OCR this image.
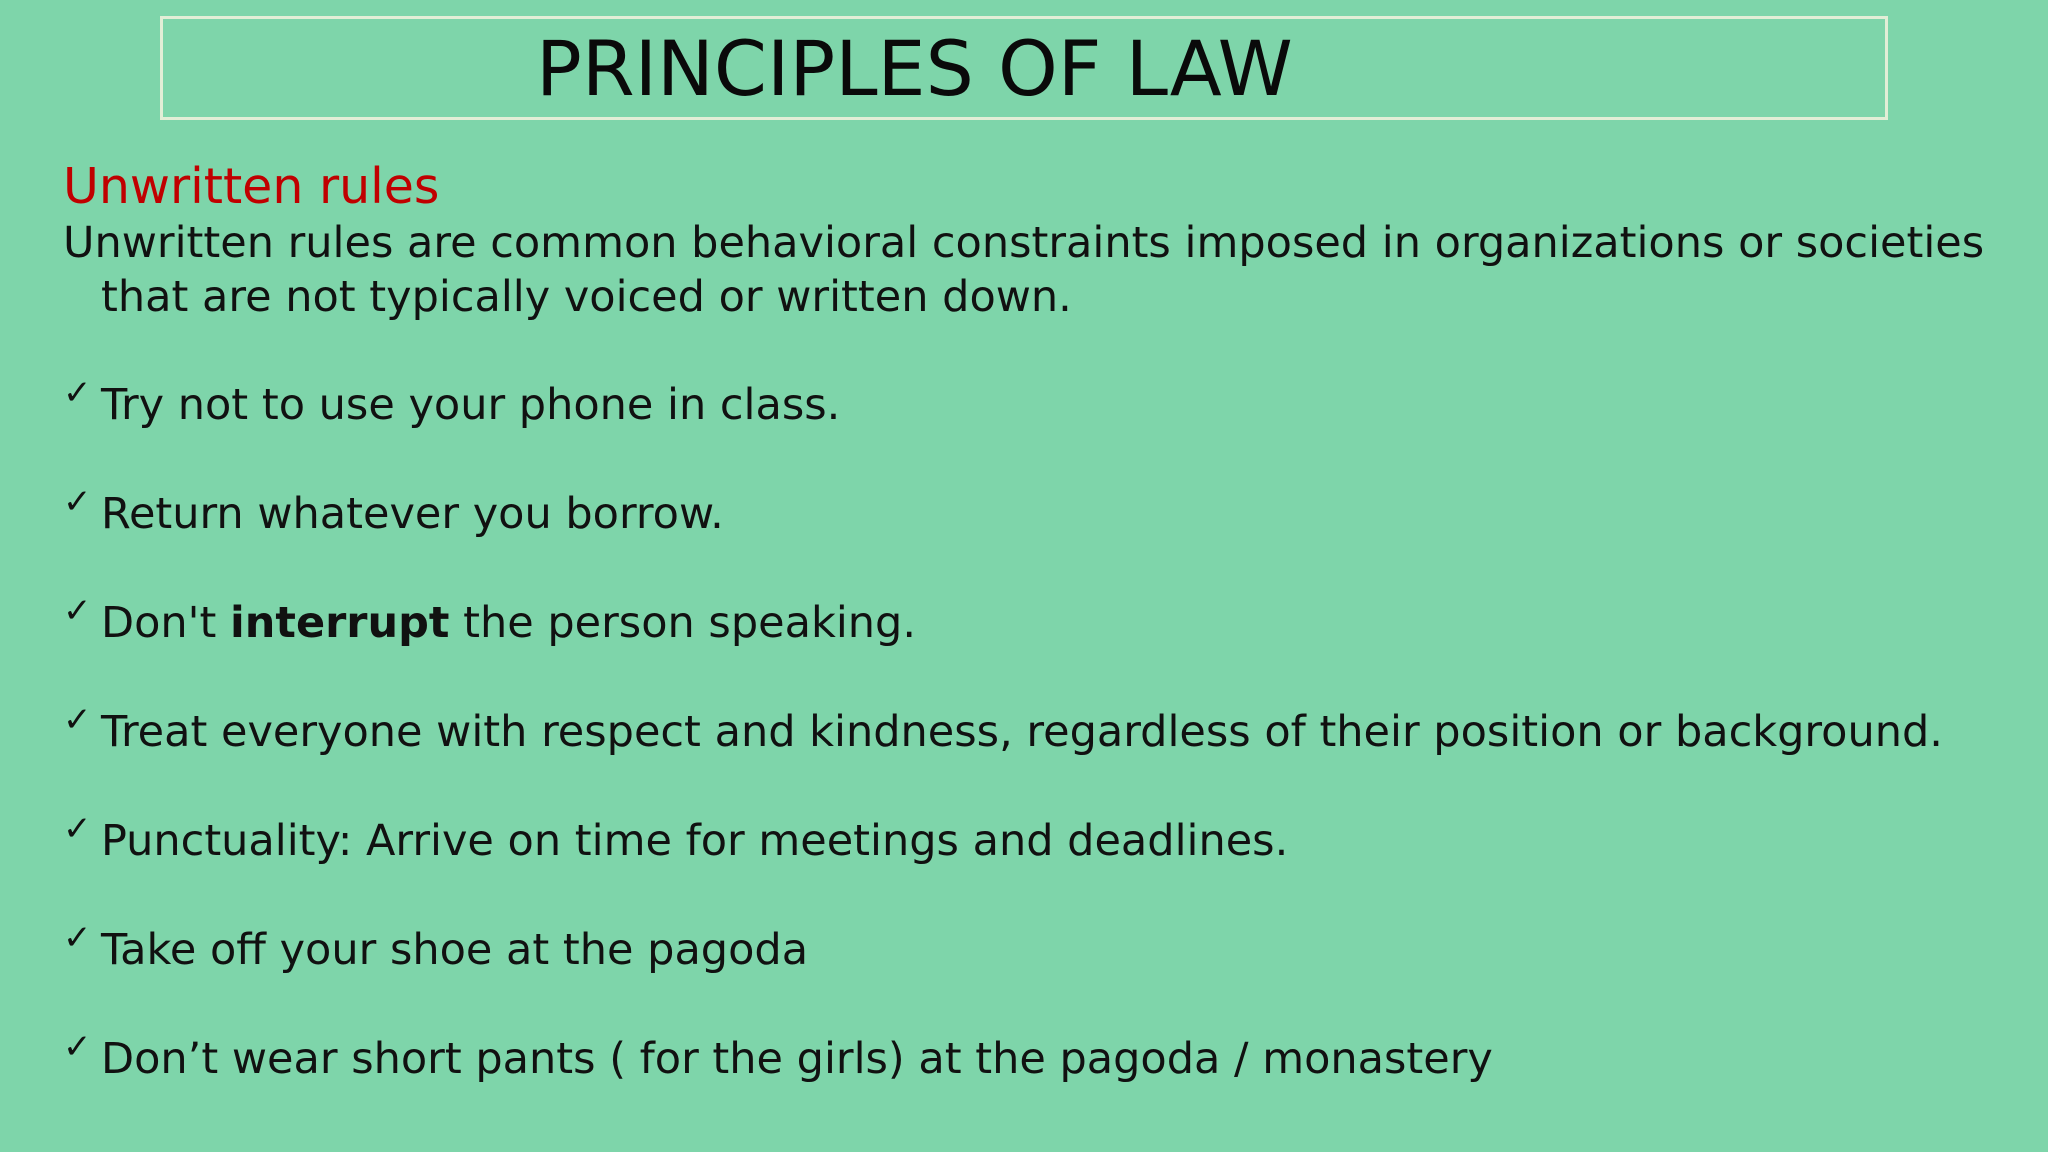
PRINCIPLES OF LAW

Unwritten rules

Unwritten rules are common behavioral constraints imposed in organizations or societies that are not typically voiced or written down.

✓ Try not to use your phone in class.
✓ Return whatever you borrow.
✓ Don't interrupt the person speaking.
✓ Treat everyone with respect and kindness, regardless of their position or background.
✓ Punctuality: Arrive on time for meetings and deadlines.
✓ Take off your shoe at the pagoda
✓ Don’t wear short pants ( for the girls) at the pagoda / monastery
